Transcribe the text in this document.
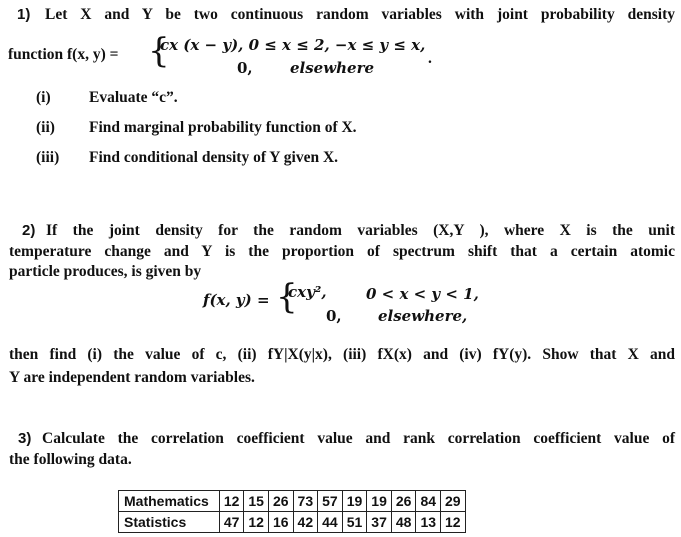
1) Let X and Y be two continuous random variables with joint probability density
function f(x, y) = {
cx (x − y), 0 ≤ x ≤ 2, −x ≤ y ≤ x,
0, elsewhere
.
(i) Evaluate “c”.
(ii) Find marginal probability function of X.
(iii) Find conditional density of Y given X.
2) If the joint density for the random variables (X,Y ), where X is the unit
temperature change and Y is the proportion of spectrum shift that a certain atomic
particle produces, is given by
f(x, y) = {
cxy²,	0 < x < y < 1,
0, elsewhere,
then find (i) the value of c, (ii) fY|X(y|x), (iii) fX(x) and (iv) fY(y). Show that X and
Y are independent random variables.
3) Calculate the correlation coefficient value and rank correlation coefficient value of
the following data.
Mathematics	12	15	26	73	57	19	19	26	84	29
Statistics	47	12	16	42	44	51	37	48	13	12
